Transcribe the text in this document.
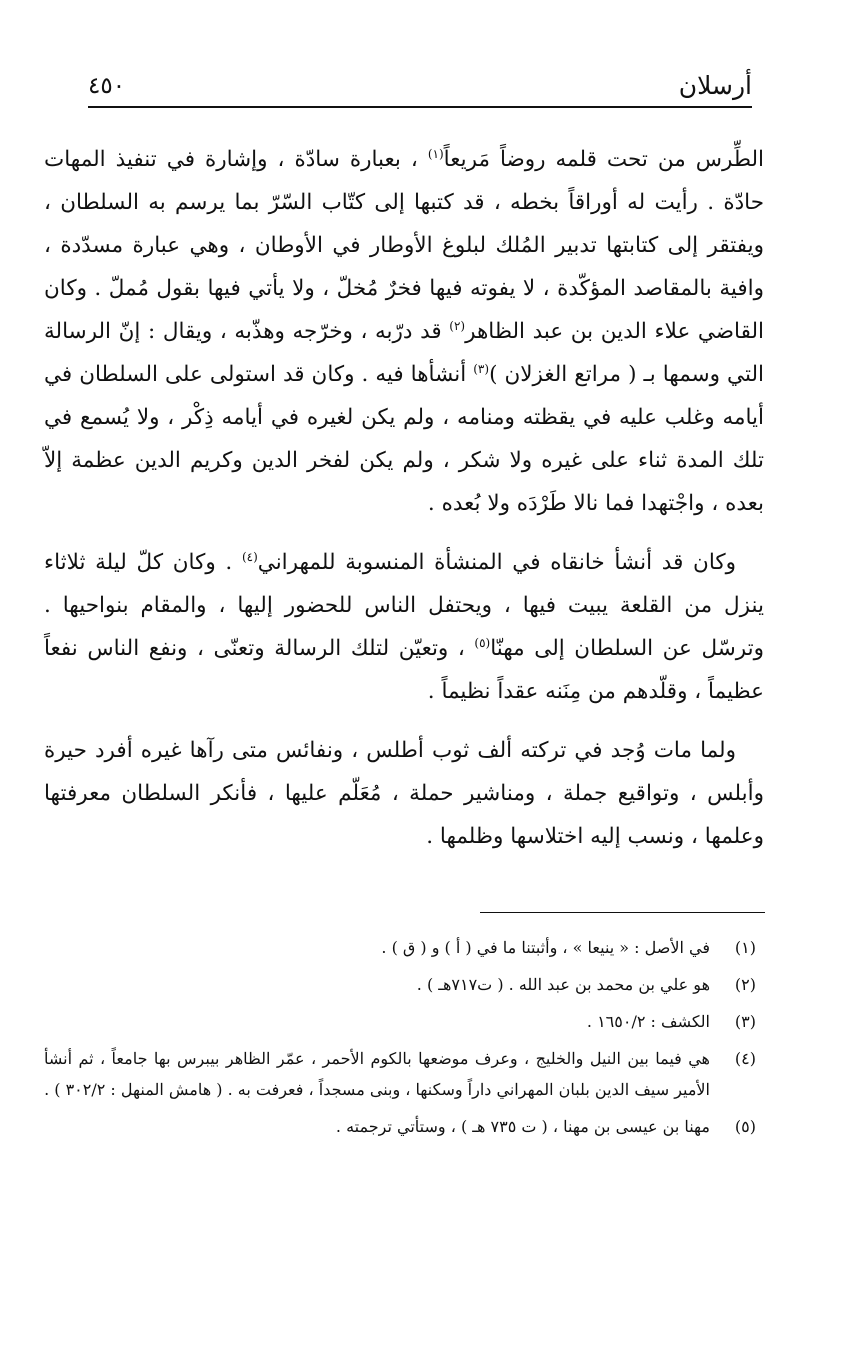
أرسلان
٤٥٠

الطِّرس من تحت قلمه روضاً مَريعاً$^{(١)}$ ، بعبارة سادّة ، وإشارة في تنفيذ المهات حادّة . رأيت له أوراقاً بخطه ، قد كتبها إلى كتّاب السّرّ بما يرسم به السلطان ، ويفتقر إلى كتابتها تدبير المُلك لبلوغ الأوطار في الأوطان ، وهي عبارة مسدّدة ، وافية بالمقاصد المؤكّدة ، لا يفوته فيها فخرٌ مُخلّ ، ولا يأتي فيها بقول مُملّ . وكان القاضي علاء الدين بن عبد الظاهر$^{(٢)}$ قد درّبه ، وخرّجه وهذّبه ، ويقال : إنّ الرسالة التي وسمها بـ ( مراتع الغزلان )$^{(٣)}$ أنشأها فيه . وكان قد استولى على السلطان في أيامه وغلب عليه في يقظته ومنامه ، ولم يكن لغيره في أيامه ذِكْر ، ولا يُسمع في تلك المدة ثناء على غيره ولا شكر ، ولم يكن لفخر الدين وكريم الدين عظمة إلاّ بعده ، واجْتهدا فما نالا طَرْدَه ولا بُعده .

وكان قد أنشأ خانقاه في المنشأة المنسوبة للمهراني$^{(٤)}$ . وكان كلّ ليلة ثلاثاء ينزل من القلعة يبيت فيها ، ويحتفل الناس للحضور إليها ، والمقام بنواحيها . وترسّل عن السلطان إلى مهنّا$^{(٥)}$ ، وتعيّن لتلك الرسالة وتعنّى ، ونفع الناس نفعاً عظيماً ، وقلّدهم من مِنَنه عقداً نظيماً .

ولما مات وُجد في تركته ألف ثوب أطلس ، ونفائس متى رآها غيره أفرد حيرة وأبلس ، وتواقيع جملة ، ومناشير حملة ، مُعَلّم عليها ، فأنكر السلطان معرفتها وعلمها ، ونسب إليه اختلاسها وظلمها .

(١)
في الأصل : « ينيعا » ، وأثبتنا ما في ( أ ) و ( ق ) .
(٢)
هو علي بن محمد بن عبد الله . ( ت٧١٧هـ ) .
(٣)
الكشف : ١٦٥٠/٢ .
(٤)
هي فيما بين النيل والخليج ، وعرف موضعها بالكوم الأحمر ، عمّر الظاهر بيبرس بها جامعاً ، ثم أنشأ الأمير سيف الدين بلبان المهراني داراً وسكنها ، وبنى مسجداً ، فعرفت به . ( هامش المنهل : ٣٠٢/٢ ) .
(٥)
مهنا بن عيسى بن مهنا ، ( ت ٧٣٥ هـ ) ، وستأتي ترجمته .
